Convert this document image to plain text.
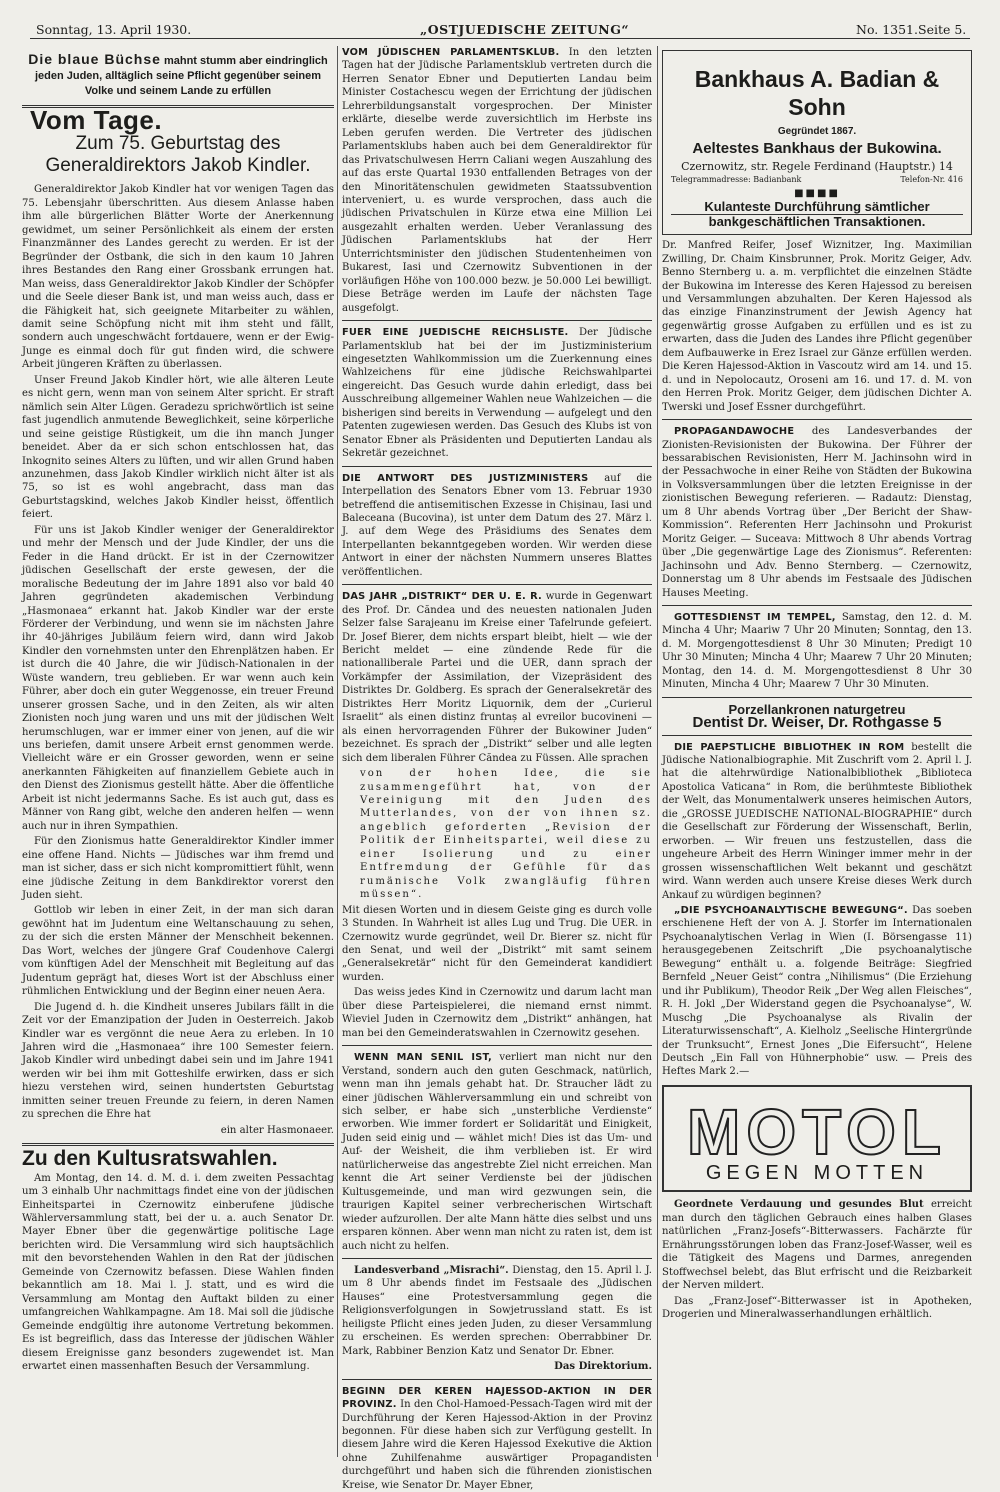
Sonntag, 13. April 1930.	„OSTJUEDISCHE ZEITUNG“	No. 1351. Seite 5.
Die blaue Büchse mahnt stumm aber eindringlich jeden Juden, alltäglich seine Pflicht gegenüber seinem Volke und seinem Lande zu erfüllen
Vom Tage.
Zum 75. Geburtstag des Generaldirektors Jakob Kindler.

Generaldirektor Jakob Kindler hat vor wenigen Tagen das 75. Lebensjahr überschritten. Aus diesem Anlasse haben ihm alle bürgerlichen Blätter Worte der Anerkennung gewidmet, um seiner Persönlichkeit als einem der ersten Finanzmänner des Landes gerecht zu werden. Er ist der Begründer der Ostbank, die sich in den kaum 10 Jahren ihres Bestandes den Rang einer Grossbank errungen hat. Man weiss, dass Generaldirektor Jakob Kindler der Schöpfer und die Seele dieser Bank ist, und man weiss auch, dass er die Fähigkeit hat, sich geeignete Mitarbeiter zu wählen, damit seine Schöpfung nicht mit ihm steht und fällt, sondern auch ungeschwächt fortdauere, wenn er der Ewig-Junge es einmal doch für gut finden wird, die schwere Arbeit jüngeren Kräften zu überlassen.

Unser Freund Jakob Kindler hört, wie alle älteren Leute es nicht gern, wenn man von seinem Alter spricht. Er straft nämlich sein Alter Lügen. Geradezu sprichwörtlich ist seine fast jugendlich anmutende Beweglichkeit, seine körperliche und seine geistige Rüstigkeit, um die ihn manch Junger beneidet. Aber da er sich schon entschlossen hat, das Inkognito seines Alters zu lüften, und wir allen Grund haben anzunehmen, dass Jakob Kindler wirklich nicht älter ist als 75, so ist es wohl angebracht, dass man das Geburtstagskind, welches Jakob Kindler heisst, öffentlich feiert.

Für uns ist Jakob Kindler weniger der Generaldirektor und mehr der Mensch und der Jude Kindler, der uns die Feder in die Hand drückt. Er ist in der Czernowitzer jüdischen Gesellschaft der erste gewesen, der die moralische Bedeutung der im Jahre 1891 also vor bald 40 Jahren gegründeten akademischen Verbindung „Hasmonaea“ erkannt hat. Jakob Kindler war der erste Förderer der Verbindung, und wenn sie im nächsten Jahre ihr 40-jähriges Jubiläum feiern wird, dann wird Jakob Kindler den vornehmsten unter den Ehrenplätzen haben. Er ist durch die 40 Jahre, die wir Jüdisch-Nationalen in der Wüste wandern, treu geblieben. Er war wenn auch kein Führer, aber doch ein guter Weggenosse, ein treuer Freund unserer grossen Sache, und in den Zeiten, als wir alten Zionisten noch jung waren und uns mit der jüdischen Welt herumschlugen, war er immer einer von jenen, auf die wir uns beriefen, damit unsere Arbeit ernst genommen werde. Vielleicht wäre er ein Grosser geworden, wenn er seine anerkannten Fähigkeiten auf finanziellem Gebiete auch in den Dienst des Zionismus gestellt hätte. Aber die öffentliche Arbeit ist nicht jedermanns Sache. Es ist auch gut, dass es Männer von Rang gibt, welche den anderen helfen — wenn auch nur in ihren Sympathien.

Für den Zionismus hatte Generaldirektor Kindler immer eine offene Hand. Nichts — Jüdisches war ihm fremd und man ist sicher, dass er sich nicht kompromittiert fühlt, wenn eine jüdische Zeitung in dem Bankdirektor vorerst den Juden sieht.

Gottlob wir leben in einer Zeit, in der man sich daran gewöhnt hat im Judentum eine Weltanschauung zu sehen, zu der sich die ersten Männer der Menschheit bekennen. Das Wort, welches der jüngere Graf Coudenhove Calergi vom künftigen Adel der Menschheit mit Begleitung auf das Judentum geprägt hat, dieses Wort ist der Abschluss einer rühmlichen Entwicklung und der Beginn einer neuen Aera.

Die Jugend d. h. die Kindheit unseres Jubilars fällt in die Zeit vor der Emanzipation der Juden in Oesterreich. Jakob Kindler war es vergönnt die neue Aera zu erleben. In 10 Jahren wird die „Hasmonaea“ ihre 100 Semester feiern. Jakob Kindler wird unbedingt dabei sein und im Jahre 1941 werden wir bei ihm mit Gotteshilfe erwirken, dass er sich hiezu verstehen wird, seinen hundertsten Geburtstag inmitten seiner treuen Freunde zu feiern, in deren Namen zu sprechen die Ehre hat

ein alter Hasmonaeer.

Zu den Kultusratswahlen.

Am Montag, den 14. d. M. d. i. dem zweiten Pessachtag um 3 einhalb Uhr nachmittags findet eine von der jüdischen Einheitspartei in Czernowitz einberufene jüdische Wählerversammlung statt, bei der u. a. auch Senator Dr. Mayer Ebner über die gegenwärtige politische Lage berichten wird. Die Versammlung wird sich hauptsächlich mit den bevorstehenden Wahlen in den Rat der jüdischen Gemeinde von Czernowitz befassen. Diese Wahlen finden bekanntlich am 18. Mai l. J. statt, und es wird die Versammlung am Montag den Auftakt bilden zu einer umfangreichen Wahlkampagne. Am 18. Mai soll die jüdische Gemeinde endgültig ihre autonome Vertretung bekommen. Es ist begreiflich, dass das Interesse der jüdischen Wähler diesem Ereignisse ganz besonders zugewendet ist. Man erwartet einen massenhaften Besuch der Versammlung.

VOM JÜDISCHEN PARLAMENTSKLUB. In den letzten Tagen hat der Jüdische Parlamentsklub vertreten durch die Herren Senator Ebner und Deputierten Landau beim Minister Costachescu wegen der Errichtung der jüdischen Lehrerbildungsanstalt vorgesprochen. Der Minister erklärte, dieselbe werde zuversichtlich im Herbste ins Leben gerufen werden. Die Vertreter des jüdischen Parlamentsklubs haben auch bei dem Generaldirektor für das Privatschulwesen Herrn Caliani wegen Auszahlung des auf das erste Quartal 1930 entfallenden Betrages von der den Minoritätenschulen gewidmeten Staatssubvention interveniert, u. es wurde versprochen, dass auch die jüdischen Privatschulen in Kürze etwa eine Million Lei ausgezahlt erhalten werden. Ueber Veranlassung des Jüdischen Parlamentsklubs hat der Herr Unterrichtsminister den jüdischen Studentenheimen von Bukarest, Iasi und Czernowitz Subventionen in der vorläufigen Höhe von 100.000 bezw. je 50.000 Lei bewilligt. Diese Beträge werden im Laufe der nächsten Tage ausgefolgt.

FUER EINE JUEDISCHE REICHSLISTE. Der Jüdische Parlamentsklub hat bei der im Justizministerium eingesetzten Wahlkommission um die Zuerkennung eines Wahlzeichens für eine jüdische Reichswahlpartei eingereicht. Das Gesuch wurde dahin erledigt, dass bei Ausschreibung allgemeiner Wahlen neue Wahlzeichen — die bisherigen sind bereits in Verwendung — aufgelegt und den Patenten zugewiesen werden. Das Gesuch des Klubs ist von Senator Ebner als Präsidenten und Deputierten Landau als Sekretär gezeichnet.

DIE ANTWORT DES JUSTIZMINISTERS auf die Interpellation des Senators Ebner vom 13. Februar 1930 betreffend die antisemitischen Exzesse in Chișinau, Iasi und Baleceana (Bucovina), ist unter dem Datum des 27. März l. J. auf dem Wege des Präsidiums des Senates dem Interpellanten bekanntgegeben worden. Wir werden diese Antwort in einer der nächsten Nummern unseres Blattes veröffentlichen.

DAS JAHR „DISTRIKT“ DER U. E. R. wurde in Gegenwart des Prof. Dr. Căndea und des neuesten nationalen Juden Selzer false Sarajeanu im Kreise einer Tafelrunde gefeiert. Dr. Josef Bierer, dem nichts erspart bleibt, hielt — wie der Bericht meldet — eine zündende Rede für die nationalliberale Partei und die UER, dann sprach der Vorkämpfer der Assimilation, der Vizepräsident des Distriktes Dr. Goldberg. Es sprach der Generalsekretär des Distriktes Herr Moritz Liquornik, dem der „Curierul Israelit“ als einen distinz fruntaș al evreilor bucovineni — als einen hervorragenden Führer der Bukowiner Juden“ bezeichnet. Es sprach der „Distrikt“ selber und alle legten sich dem liberalen Führer Căndea zu Füssen. Alle sprachen

von der hohen Idee, die sie zusammengeführt hat, von der Vereinigung mit den Juden des Mutterlandes, von der von ihnen sz. angeblich geforderten „Revision der Politik der Einheitspartei, weil diese zu einer Isolierung und zu einer Entfremdung der Gefühle für das rumänische Volk zwangläufig führen müssen“.

Mit diesen Worten und in diesem Geiste ging es durch volle 3 Stunden. In Wahrheit ist alles Lug und Trug. Die UER. in Czernowitz wurde gegründet, weil Dr. Bierer sz. nicht für den Senat, und weil der „Distrikt“ mit samt seinem „Generalsekretär“ nicht für den Gemeinderat kandidiert wurden.

Das weiss jedes Kind in Czernowitz und darum lacht man über diese Parteispielerei, die niemand ernst nimmt. Wieviel Juden in Czernowitz dem „Distrikt“ anhängen, hat man bei den Gemeinderatswahlen in Czernowitz gesehen.

WENN MAN SENIL IST, verliert man nicht nur den Verstand, sondern auch den guten Geschmack, natürlich, wenn man ihn jemals gehabt hat. Dr. Straucher lädt zu einer jüdischen Wählerversammlung ein und schreibt von sich selber, er habe sich „unsterbliche Verdienste“ erworben. Wie immer fordert er Solidarität und Einigkeit, Juden seid einig und — wählet mich! Dies ist das Um- und Auf- der Weisheit, die ihm verblieben ist. Er wird natürlicherweise das angestrebte Ziel nicht erreichen. Man kennt die Art seiner Verdienste bei der jüdischen Kultusgemeinde, und man wird gezwungen sein, die traurigen Kapitel seiner verbrecherischen Wirtschaft wieder aufzurollen. Der alte Mann hätte dies selbst und uns ersparen können. Aber wenn man nicht zu raten ist, dem ist auch nicht zu helfen.

Landesverband „Misrachi“. Dienstag, den 15. April l. J. um 8 Uhr abends findet im Festsaale des „Jüdischen Hauses“ eine Protestversammlung gegen die Religionsverfolgungen in Sowjetrussland statt. Es ist heiligste Pflicht eines jeden Juden, zu dieser Versammlung zu erscheinen. Es werden sprechen: Oberrabbiner Dr. Mark, Rabbiner Benzion Katz und Senator Dr. Ebner.

Das Direktorium.

BEGINN DER KEREN HAJESSOD-AKTION IN DER PROVINZ. In den Chol-Hamoed-Pessach-Tagen wird mit der Durchführung der Keren Hajessod-Aktion in der Provinz begonnen. Für diese haben sich zur Verfügung gestellt. In diesem Jahre wird die Keren Hajessod Exekutive die Aktion ohne Zuhilfenahme auswärtiger Propagandisten durchgeführt und haben sich die führenden zionistischen Kreise, wie Senator Dr. Mayer Ebner,

Bankhaus A. Badian & Sohn
Gegründet 1867.
Aeltestes Bankhaus der Bukowina.
Czernowitz, str. Regele Ferdinand (Hauptstr.) 14
Telegrammadresse: Badianbank	Telefon-Nr. 416
■■■■
Kulanteste Durchführung sämtlicher
bankgeschäftlichen Transaktionen.

Dr. Manfred Reifer, Josef Wiznitzer, Ing. Maximilian Zwilling, Dr. Chaim Kinsbrunner, Prok. Moritz Geiger, Adv. Benno Sternberg u. a. m. verpflichtet die einzelnen Städte der Bukowina im Interesse des Keren Hajessod zu bereisen und Versammlungen abzuhalten. Der Keren Hajessod als das einzige Finanzinstrument der Jewish Agency hat gegenwärtig grosse Aufgaben zu erfüllen und es ist zu erwarten, dass die Juden des Landes ihre Pflicht gegenüber dem Aufbauwerke in Erez Israel zur Gänze erfüllen werden. Die Keren Hajessod-Aktion in Vascoutz wird am 14. und 15. d. und in Nepolocautz, Oroseni am 16. und 17. d. M. von den Herren Prok. Moritz Geiger, dem jüdischen Dichter A. Twerski und Josef Essner durchgeführt.

PROPAGANDAWOCHE des Landesverbandes der Zionisten-Revisionisten der Bukowina. Der Führer der bessarabischen Revisionisten, Herr M. Jachinsohn wird in der Pessachwoche in einer Reihe von Städten der Bukowina in Volksversammlungen über die letzten Ereignisse in der zionistischen Bewegung referieren. — Radautz: Dienstag, um 8 Uhr abends Vortrag über „Der Bericht der Shaw-Kommission“. Referenten Herr Jachinsohn und Prokurist Moritz Geiger. — Suceava: Mittwoch 8 Uhr abends Vortrag über „Die gegenwärtige Lage des Zionismus“. Referenten: Jachinsohn und Adv. Benno Sternberg. — Czernowitz, Donnerstag um 8 Uhr abends im Festsaale des Jüdischen Hauses Meeting.

GOTTESDIENST IM TEMPEL, Samstag, den 12. d. M. Mincha 4 Uhr; Maariw 7 Uhr 20 Minuten; Sonntag, den 13. d. M. Morgengottesdienst 8 Uhr 30 Minuten; Predigt 10 Uhr 30 Minuten; Mincha 4 Uhr; Maarew 7 Uhr 20 Minuten; Montag, den 14. d. M. Morgengottesdienst 8 Uhr 30 Minuten, Mincha 4 Uhr; Maarew 7 Uhr 30 Minuten.

Porzellankronen naturgetreu
Dentist Dr. Weiser, Dr. Rothgasse 5

DIE PAEPSTLICHE BIBLIOTHEK IN ROM bestellt die Jüdische Nationalbiographie. Mit Zuschrift vom 2. April l. J. hat die altehrwürdige Nationalbibliothek „Biblioteca Apostolica Vaticana“ in Rom, die berühmteste Bibliothek der Welt, das Monumentalwerk unseres heimischen Autors, die „GROSSE JUEDISCHE NATIONAL-BIOGRAPHIE“ durch die Gesellschaft zur Förderung der Wissenschaft, Berlin, erworben. — Wir freuen uns festzustellen, dass die ungeheure Arbeit des Herrn Wininger immer mehr in der grossen wissenschaftlichen Welt bekannt und geschätzt wird. Wann werden auch unsere Kreise dieses Werk durch Ankauf zu würdigen beginnen?

„DIE PSYCHOANALYTISCHE BEWEGUNG“. Das soeben erschienene Heft der von A. J. Storfer im Internationalen Psychoanalytischen Verlag in Wien (I. Börsengasse 11) herausgegebenen Zeitschrift „Die psychoanalytische Bewegung“ enthält u. a. folgende Beiträge: Siegfried Bernfeld „Neuer Geist“ contra „Nihilismus“ (Die Erziehung und ihr Publikum), Theodor Reik „Der Weg allen Fleisches“, R. H. Jokl „Der Widerstand gegen die Psychoanalyse“, W. Muschg „Die Psychoanalyse als Rivalin der Literaturwissenschaft“, A. Kielholz „Seelische Hintergründe der Trunksucht“, Ernest Jones „Die Eifersucht“, Helene Deutsch „Ein Fall von Hühnerphobie“ usw. — Preis des Heftes Mark 2.—

MOTOL
GEGEN MOTTEN

Geordnete Verdauung und gesundes Blut erreicht man durch den täglichen Gebrauch eines halben Glases natürlichen „Franz-Josefs“-Bitterwassers. Fachärzte für Ernährungsstörungen loben das Franz-Josef-Wasser, weil es die Tätigkeit des Magens und Darmes, anregenden Stoffwechsel belebt, das Blut erfrischt und die Reizbarkeit der Nerven mildert.

Das „Franz-Josef“-Bitterwasser ist in Apotheken, Drogerien und Mineralwasserhandlungen erhältlich.
